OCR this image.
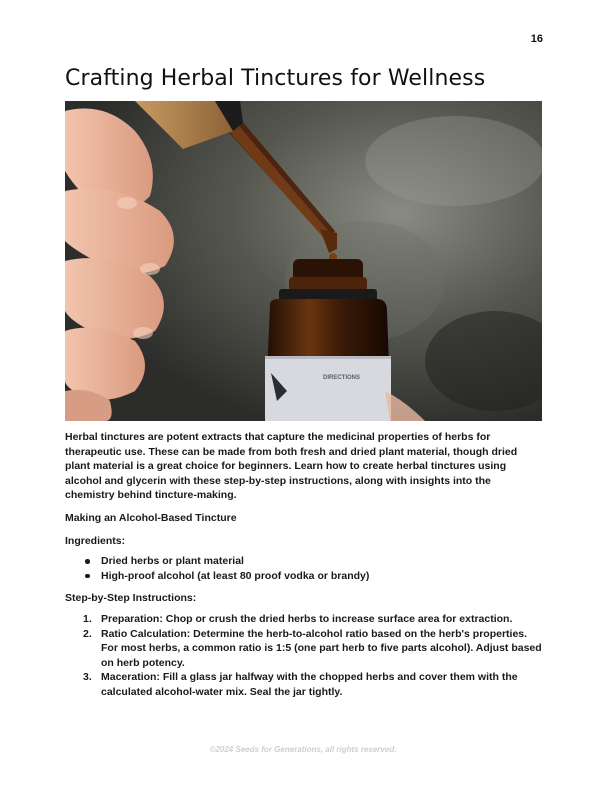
16
Crafting Herbal Tinctures for Wellness
DIRECTIONS

Herbal tinctures are potent extracts that capture the medicinal properties of herbs for therapeutic use. These can be made from both fresh and dried plant material, though dried plant material is a great choice for beginners. Learn how to create herbal tinctures using alcohol and glycerin with these step-by-step instructions, along with insights into the chemistry behind tincture-making.

Making an Alcohol-Based Tincture

Ingredients:

Dried herbs or plant material
High-proof alcohol (at least 80 proof vodka or brandy)

Step-by-Step Instructions:

1. Preparation: Chop or crush the dried herbs to increase surface area for extraction.
2. Ratio Calculation: Determine the herb-to-alcohol ratio based on the herb's properties. For most herbs, a common ratio is 1:5 (one part herb to five parts alcohol). Adjust based on herb potency.
3. Maceration: Fill a glass jar halfway with the chopped herbs and cover them with the calculated alcohol-water mix. Seal the jar tightly.
©2024 Seeds for Generations, all rights reserved.
